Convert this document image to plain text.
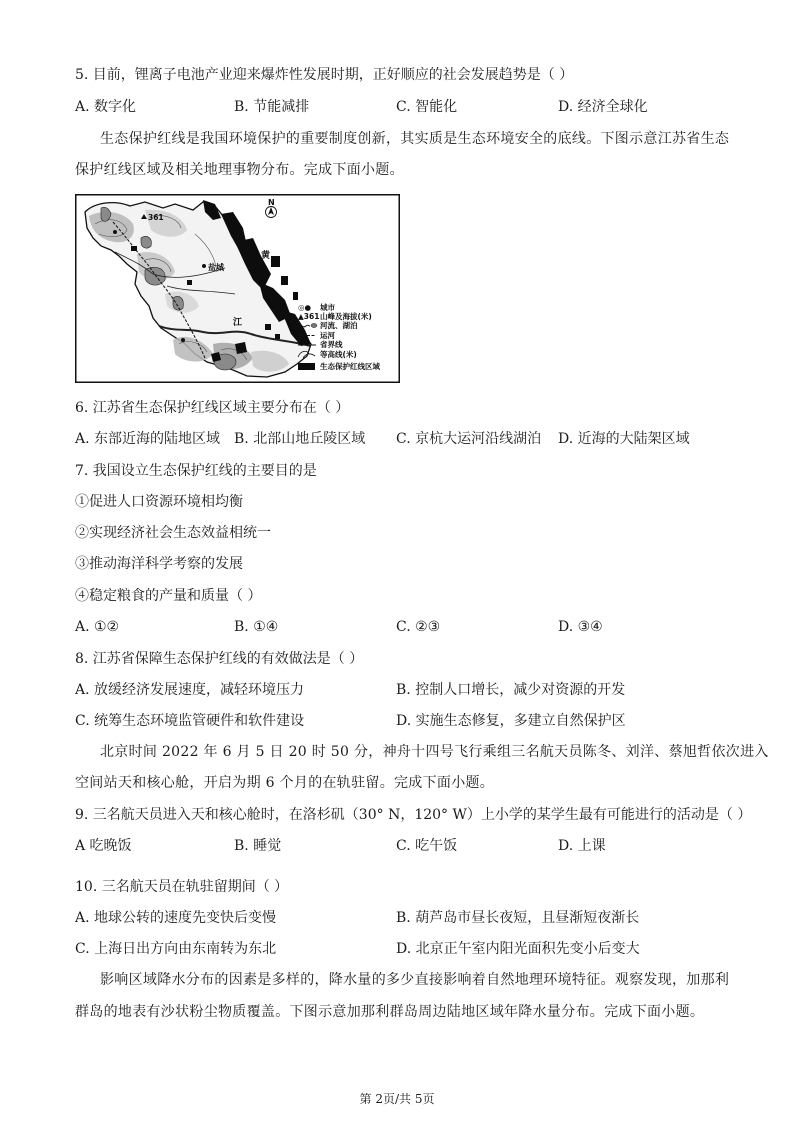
5. 目前，锂离子电池产业迎来爆炸性发展时期，正好顺应的社会发展趋势是（ ）
A. 数字化	B. 节能减排	C. 智能化	D. 经济全球化
生态保护红线是我国环境保护的重要制度创新，其实质是生态环境安全的底线。下图示意江苏省生态
保护红线区域及相关地理事物分布。完成下面小题。
N
361
盐城
黄
江
◎● 城市
▲361 山峰及海拔(米)
河流、湖泊
运河
省界线
等高线(米)
生态保护红线区域
6. 江苏省生态保护红线区域主要分布在（ ）
A. 东部近海的陆地区域 B. 北部山地丘陵区域 C. 京杭大运河沿线湖泊 D. 近海的大陆架区域
7. 我国设立生态保护红线的主要目的是
①促进人口资源环境相均衡
②实现经济社会生态效益相统一
③推动海洋科学考察的发展
④稳定粮食的产量和质量（ ）
A. ①②	B. ①④	C. ②③	D. ③④
8. 江苏省保障生态保护红线的有效做法是（ ）
A. 放缓经济发展速度，减轻环境压力	B. 控制人口增长，减少对资源的开发
C. 统筹生态环境监管硬件和软件建设	D. 实施生态修复，多建立自然保护区
北京时间 2022 年 6 月 5 日 20 时 50 分，神舟十四号飞行乘组三名航天员陈冬、刘洋、蔡旭哲依次进入
空间站天和核心舱，开启为期 6 个月的在轨驻留。完成下面小题。
9. 三名航天员进入天和核心舱时，在洛杉矶（30° N，120° W）上小学的某学生最有可能进行的活动是（ ）
A 吃晚饭	B. 睡觉	C. 吃午饭	D. 上课
10. 三名航天员在轨驻留期间（ ）
A. 地球公转的速度先变快后变慢	B. 葫芦岛市昼长夜短，且昼渐短夜渐长
C. 上海日出方向由东南转为东北	D. 北京正午室内阳光面积先变小后变大
影响区域降水分布的因素是多样的，降水量的多少直接影响着自然地理环境特征。观察发现，加那利
群岛的地表有沙状粉尘物质覆盖。下图示意加那利群岛周边陆地区域年降水量分布。完成下面小题。
第 2页/共 5页
